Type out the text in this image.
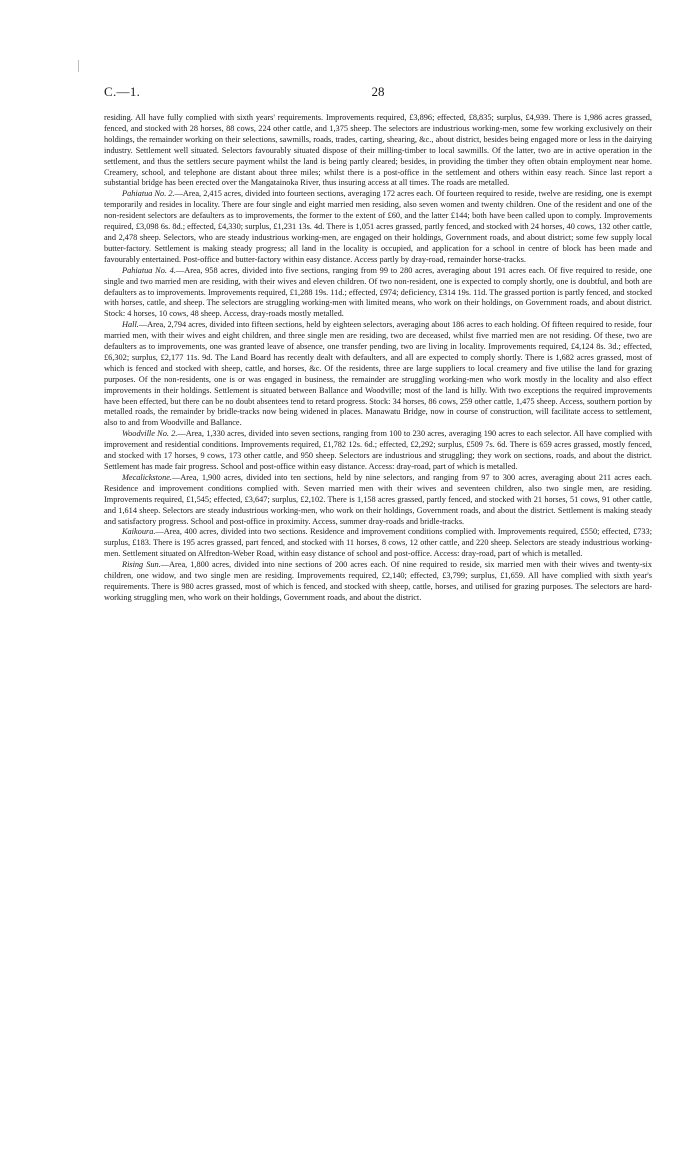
C.—1.	28

residing. All have fully complied with sixth years' requirements. Improvements required, £3,896; effected, £8,835; surplus, £4,939. There is 1,986 acres grassed, fenced, and stocked with 28 horses, 88 cows, 224 other cattle, and 1,375 sheep. The selectors are industrious working-men, some few working exclusively on their holdings, the remainder working on their selections, sawmills, roads, trades, carting, shearing, &c., about district, besides being engaged more or less in the dairying industry. Settlement well situated. Selectors favourably situated dispose of their milling-timber to local sawmills. Of the latter, two are in active operation in the settlement, and thus the settlers secure payment whilst the land is being partly cleared; besides, in providing the timber they often obtain employment near home. Creamery, school, and telephone are distant about three miles; whilst there is a post-office in the settlement and others within easy reach. Since last report a substantial bridge has been erected over the Mangatainoka River, thus insuring access at all times. The roads are metalled.

Pahiatua No. 2.—Area, 2,415 acres, divided into fourteen sections, averaging 172 acres each. Of fourteen required to reside, twelve are residing, one is exempt temporarily and resides in locality. There are four single and eight married men residing, also seven women and twenty children. One of the resident and one of the non-resident selectors are defaulters as to improvements, the former to the extent of £60, and the latter £144; both have been called upon to comply. Improvements required, £3,098 6s. 8d.; effected, £4,330; surplus, £1,231 13s. 4d. There is 1,051 acres grassed, partly fenced, and stocked with 24 horses, 40 cows, 132 other cattle, and 2,478 sheep. Selectors, who are steady industrious working-men, are engaged on their holdings, Government roads, and about district; some few supply local butter-factory. Settlement is making steady progress; all land in the locality is occupied, and application for a school in centre of block has been made and favourably entertained. Post-office and butter-factory within easy distance. Access partly by dray-road, remainder horse-tracks.

Pahiatua No. 4.—Area, 958 acres, divided into five sections, ranging from 99 to 280 acres, averaging about 191 acres each. Of five required to reside, one single and two married men are residing, with their wives and eleven children. Of two non-resident, one is expected to comply shortly, one is doubtful, and both are defaulters as to improvements. Improvements required, £1,288 19s. 11d.; effected, £974; deficiency, £314 19s. 11d. The grassed portion is partly fenced, and stocked with horses, cattle, and sheep. The selectors are struggling working-men with limited means, who work on their holdings, on Government roads, and about district. Stock: 4 horses, 10 cows, 48 sheep. Access, dray-roads mostly metalled.

Hall.—Area, 2,794 acres, divided into fifteen sections, held by eighteen selectors, averaging about 186 acres to each holding. Of fifteen required to reside, four married men, with their wives and eight children, and three single men are residing, two are deceased, whilst five married men are not residing. Of these, two are defaulters as to improvements, one was granted leave of absence, one transfer pending, two are living in locality. Improvements required, £4,124 8s. 3d.; effected, £6,302; surplus, £2,177 11s. 9d. The Land Board has recently dealt with defaulters, and all are expected to comply shortly. There is 1,682 acres grassed, most of which is fenced and stocked with sheep, cattle, and horses, &c. Of the residents, three are large suppliers to local creamery and five utilise the land for grazing purposes. Of the non-residents, one is or was engaged in business, the remainder are struggling working-men who work mostly in the locality and also effect improvements in their holdings. Settlement is situated between Ballance and Woodville; most of the land is hilly. With two exceptions the required improvements have been effected, but there can be no doubt absentees tend to retard progress. Stock: 34 horses, 86 cows, 259 other cattle, 1,475 sheep. Access, southern portion by metalled roads, the remainder by bridle-tracks now being widened in places. Manawatu Bridge, now in course of construction, will facilitate access to settlement, also to and from Woodville and Ballance.

Woodville No. 2.—Area, 1,330 acres, divided into seven sections, ranging from 100 to 230 acres, averaging 190 acres to each selector. All have complied with improvement and residential conditions. Improvements required, £1,782 12s. 6d.; effected, £2,292; surplus, £509 7s. 6d. There is 659 acres grassed, mostly fenced, and stocked with 17 horses, 9 cows, 173 other cattle, and 950 sheep. Selectors are industrious and struggling; they work on sections, roads, and about the district. Settlement has made fair progress. School and post-office within easy distance. Access: dray-road, part of which is metalled.

Mecalickstone.—Area, 1,900 acres, divided into ten sections, held by nine selectors, and ranging from 97 to 300 acres, averaging about 211 acres each. Residence and improvement conditions complied with. Seven married men with their wives and seventeen children, also two single men, are residing. Improvements required, £1,545; effected, £3,647; surplus, £2,102. There is 1,158 acres grassed, partly fenced, and stocked with 21 horses, 51 cows, 91 other cattle, and 1,614 sheep. Selectors are steady industrious working-men, who work on their holdings, Government roads, and about the district. Settlement is making steady and satisfactory progress. School and post-office in proximity. Access, summer dray-roads and bridle-tracks.

Kaikoura.—Area, 400 acres, divided into two sections. Residence and improvement conditions complied with. Improvements required, £550; effected, £733; surplus, £183. There is 195 acres grassed, part fenced, and stocked with 11 horses, 8 cows, 12 other cattle, and 220 sheep. Selectors are steady industrious working-men. Settlement situated on Alfredton-Weber Road, within easy distance of school and post-office. Access: dray-road, part of which is metalled.

Rising Sun.—Area, 1,800 acres, divided into nine sections of 200 acres each. Of nine required to reside, six married men with their wives and twenty-six children, one widow, and two single men are residing. Improvements required, £2,140; effected, £3,799; surplus, £1,659. All have complied with sixth year's requirements. There is 980 acres grassed, most of which is fenced, and stocked with sheep, cattle, horses, and utilised for grazing purposes. The selectors are hard-working struggling men, who work on their holdings, Government roads, and about the district.
